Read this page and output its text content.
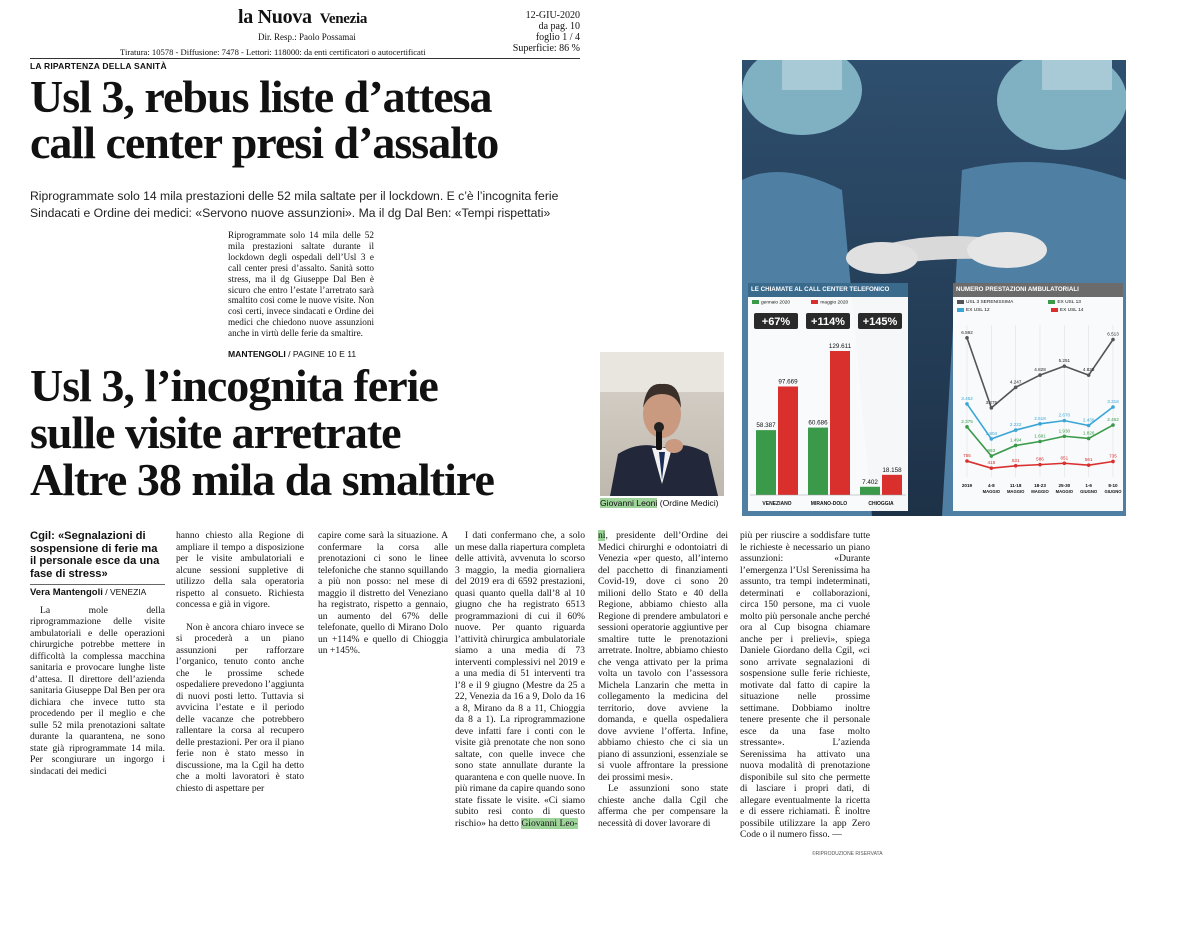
la Nuova Venezia
Dir. Resp.: Paolo Possamai
Tiratura: 10578 - Diffusione: 7478 - Lettori: 118000: da enti certificatori o autocertificati
12-GIU-2020
da pag. 10
foglio 1 / 4
Superficie: 86 %
LA RIPARTENZA DELLA SANITÀ
Usl 3, rebus liste d’attesa
call center presi d’assalto
Riprogrammate solo 14 mila prestazioni delle 52 mila saltate per il lockdown. E c’è l’incognita ferie
Sindacati e Ordine dei medici: «Servono nuove assunzioni». Ma il dg Dal Ben: «Tempi rispettati»
Riprogrammate solo 14 mila delle 52 mila prestazioni saltate durante il lockdown degli ospedali dell’Usl 3 e call center presi d’assalto. Sanità sotto stress, ma il dg Giuseppe Dal Ben è sicuro che entro l’estate l’arretrato sarà smaltito così come le nuove visite. Non così certi, invece sindacati e Ordine dei medici che chiedono nuove assunzioni anche in virtù delle ferie da smaltire.
MANTENGOLI / PAGINE 10 E 11
Usl 3, l’incognita ferie
sulle visite arretrate
Altre 38 mila da smaltire
Cgil: «Segnalazioni di sospensione di ferie ma il personale esce da una fase di stress»
Vera Mantengoli / VENEZIA

La mole della riprogrammazione delle visite ambulatoriali e delle operazioni chirurgiche potrebbe mettere in difficoltà la complessa macchina sanitaria e provocare lunghe liste d’attesa. Il direttore dell’azienda sanitaria Giuseppe Dal Ben per ora dichiara che invece tutto sta procedendo per il meglio e che sulle 52 mila prenotazioni saltate durante la quarantena, ne sono state già riprogrammate 14 mila. Per scongiurare un ingorgo i sindacati dei medici

hanno chiesto alla Regione di ampliare il tempo a disposizione per le visite ambulatoriali e alcune sessioni suppletive di utilizzo della sala operatoria rispetto al consueto. Richiesta concessa e già in vigore.

Non è ancora chiaro invece se si procederà a un piano assunzioni per rafforzare l’organico, tenuto conto anche che le prossime schede ospedaliere prevedono l’aggiunta di nuovi posti letto. Tuttavia si avvicina l’estate e il periodo delle vacanze che potrebbero rallentare la corsa al recupero delle prestazioni. Per ora il piano ferie non è stato messo in discussione, ma la Cgil ha detto che a molti lavoratori è stato chiesto di aspettare per

capire come sarà la situazione. A confermare la corsa alle prenotazioni ci sono le linee telefoniche che stanno squillando a più non posso: nel mese di maggio il distretto del Veneziano ha registrato, rispetto a gennaio, un aumento del 67% delle telefonate, quello di Mirano Dolo un +114% e quello di Chioggia un +145%.

I dati confermano che, a solo un mese dalla riapertura completa delle attività, avvenuta lo scorso 3 maggio, la media giornaliera del 2019 era di 6592 prestazioni, quasi quanto quella dall’8 al 10 giugno che ha registrato 6513 programmazioni di cui il 60% nuove. Per quanto riguarda l’attività chirurgica ambulatoriale siamo a una media di 73 interventi complessivi nel 2019 e a una media di 51 interventi tra l’8 e il 9 giugno (Mestre da 25 a 22, Venezia da 16 a 9, Dolo da 16 a 8, Mirano da 8 a 11, Chioggia da 8 a 1). La riprogrammazione deve infatti fare i conti con le visite già prenotate che non sono saltate, con quelle invece che sono state annullate durante la quarantena e con quelle nuove. In più rimane da capire quando sono state fissate le visite. «Ci siamo subito resi conto di questo rischio» ha detto Giovanni Leo-

ni, presidente dell’Ordine dei Medici chirurghi e odontoiatri di Venezia «per questo, all’interno del pacchetto di finanziamenti Covid-19, dove ci sono 20 milioni dello Stato e 40 della Regione, abbiamo chiesto alla Regione di prendere ambulatori e sessioni operatorie aggiuntive per smaltire tutte le prenotazioni arretrate. Inoltre, abbiamo chiesto che venga attivato per la prima volta un tavolo con l’assessora Michela Lanzarin che metta in collegamento la medicina del territorio, dove avviene la domanda, e quella ospedaliera dove avviene l’offerta. Infine, abbiamo chiesto che ci sia un piano di assunzioni, essenziale se si vuole affrontare la pressione dei prossimi mesi».

Le assunzioni sono state chieste anche dalla Cgil che afferma che per compensare la necessità di dover lavorare di

più per riuscire a soddisfare tutte le richieste è necessario un piano assunzioni: «Durante l’emergenza l’Usl Serenissima ha assunto, tra tempi indeterminati, determinati e collaborazioni, circa 150 persone, ma ci vuole molto più personale anche perché ora al Cup bisogna chiamare anche per i prelievi», spiega Daniele Giordano della Cgil, «ci sono arrivate segnalazioni di sospensione sulle ferie richieste, motivate dal fatto di capire la situazione nelle prossime settimane. Dobbiamo inoltre tenere presente che il personale esce da una fase molto stressante». L’azienda Serenissima ha attivato una nuova modalità di prenotazione disponibile sul sito che permette di lasciare i propri dati, di allegare eventualmente la ricetta e di essere richiamati. È inoltre possibile utilizzare la app Zero Code o il numero fisso. —

©RIPRODUZIONE RISERVATA
Giovanni Leoni (Ordine Medici)
LE CHIAMATE AL CALL CENTER TELEFONICO
gennaio 2020	maggio 2020
+67%
58.387
97.669
VENEZIANO
+114%
60.686
129.611
MIRANO-DOLO
+145%
7.402
18.158
CHIOGGIA
NUMERO PRESTAZIONI AMBULATORIALI
USL 3 SERENISSIMA	EX USL 13
EX USL 12	EX USL 14
2019	4-8
MAGGIO
11-18
MAGGIO
18-23
MAGGIO
25-30
MAGGIO
1-6
GIUGNO
8-10
GIUGNO
6.592
3.275
4.247
4.828
5.251
4.825
6.513
3.462
1.804
2.222
2.518
2.670
2.439
3.316
2.375
993
1.494
1.681
1.930	1.826
2.462
755
418	531	586	651	561
735
